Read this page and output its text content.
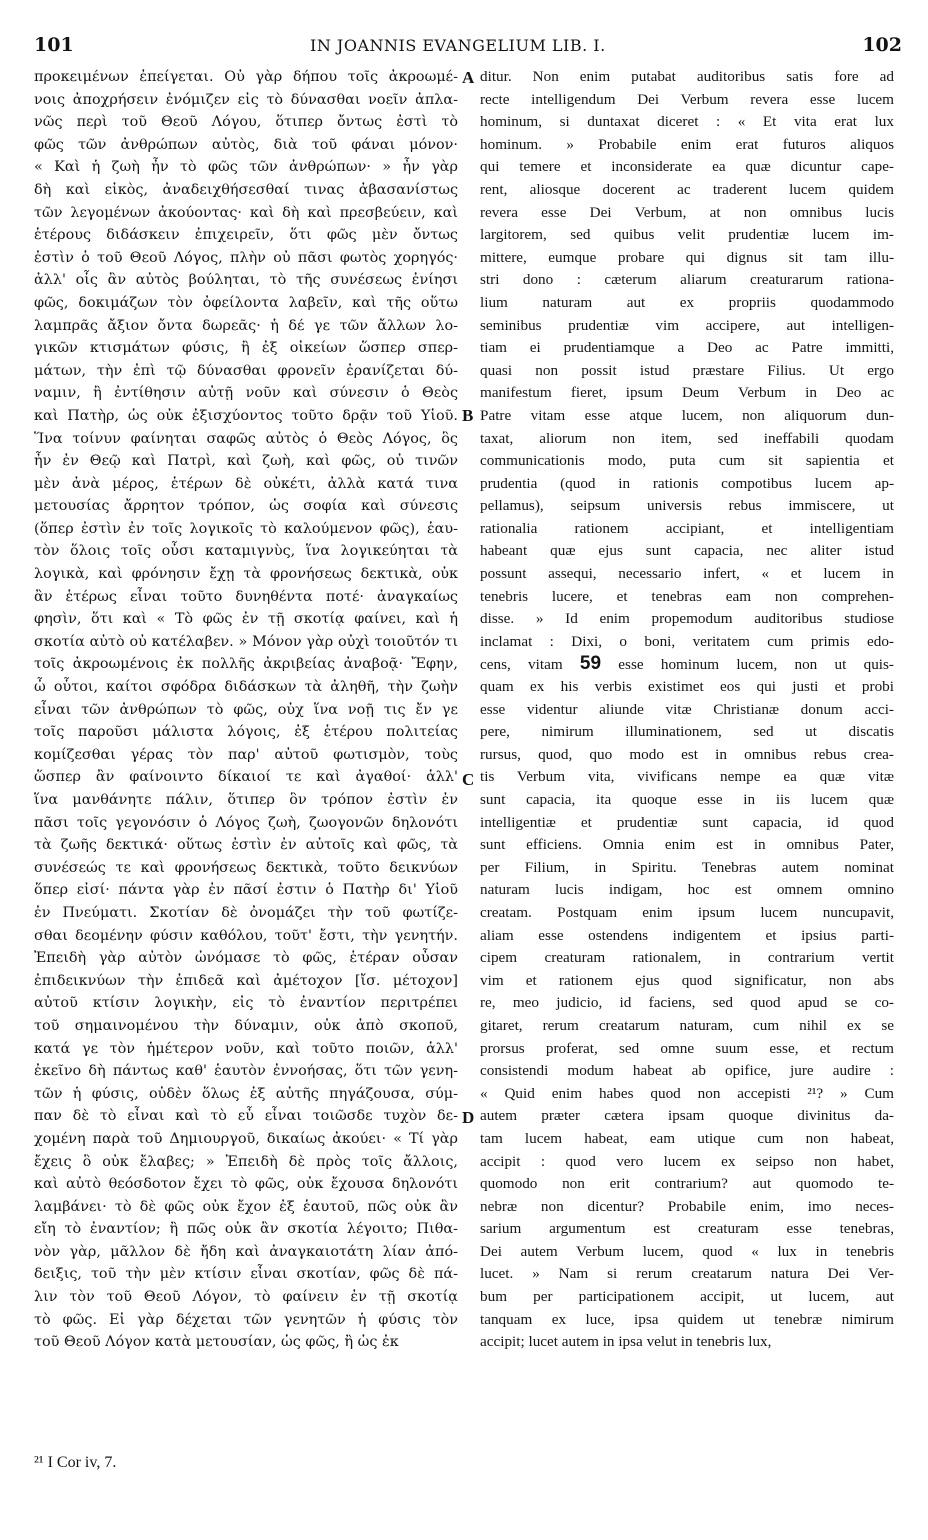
101	IN JOANNIS EVANGELIUM LIB. I.	102
προκειμένων ἐπείγεται. Οὐ γὰρ δήπου τοῖς ἀκροωμέ-
νοις ἀποχρήσειν ἐνόμιζεν εἰς τὸ δύνασθαι νοεῖν ἀπλα-
νῶς περὶ τοῦ Θεοῦ Λόγου, ὅτιπερ ὄντως ἐστὶ τὸ
φῶς τῶν ἀνθρώπων αὐτὸς, διὰ τοῦ φάναι μόνον·
« Καὶ ἡ ζωὴ ἦν τὸ φῶς τῶν ἀνθρώπων· » ἦν γὰρ
δὴ καὶ εἰκὸς, ἀναδειχθήσεσθαί τινας ἀβασανίστως
τῶν λεγομένων ἀκούοντας· καὶ δὴ καὶ πρεσβεύειν, καὶ
ἑτέρους διδάσκειν ἐπιχειρεῖν, ὅτι φῶς μὲν ὄντως
ἐστὶν ὁ τοῦ Θεοῦ Λόγος, πλὴν οὐ πᾶσι φωτὸς χορηγός·
ἀλλ' οἷς ἂν αὐτὸς βούληται, τὸ τῆς συνέσεως ἐνίησι
φῶς, δοκιμάζων τὸν ὀφείλοντα λαβεῖν, καὶ τῆς οὕτω
λαμπρᾶς ἄξιον ὄντα δωρεᾶς· ἡ δέ γε τῶν ἄλλων λο-
γικῶν κτισμάτων φύσις, ἢ ἐξ οἰκείων ὥσπερ σπερ-
μάτων, τὴν ἐπὶ τῷ δύνασθαι φρονεῖν ἐρανίζεται δύ-
ναμιν, ἢ ἐντίθησιν αὐτῇ νοῦν καὶ σύνεσιν ὁ Θεὸς
καὶ Πατὴρ, ὡς οὐκ ἐξισχύοντος τοῦτο δρᾷν τοῦ Υἱοῦ.
Ἵνα τοίνυν φαίνηται σαφῶς αὐτὸς ὁ Θεὸς Λόγος, ὃς
ἦν ἐν Θεῷ καὶ Πατρὶ, καὶ ζωὴ, καὶ φῶς, οὐ τινῶν
μὲν ἀνὰ μέρος, ἑτέρων δὲ οὐκέτι, ἀλλὰ κατά τινα
μετουσίας ἄρρητον τρόπον, ὡς σοφία καὶ σύνεσις
(ὅπερ ἐστὶν ἐν τοῖς λογικοῖς τὸ καλούμενον φῶς), ἑαυ-
τὸν ὅλοις τοῖς οὖσι καταμιγνὺς, ἵνα λογικεύηται τὰ
λογικὰ, καὶ φρόνησιν ἔχῃ τὰ φρονήσεως δεκτικὰ, οὐκ
ἂν ἑτέρως εἶναι τοῦτο δυνηθέντα ποτέ· ἀναγκαίως
φησὶν, ὅτι καὶ « Τὸ φῶς ἐν τῇ σκοτίᾳ φαίνει, καὶ ἡ
σκοτία αὐτὸ οὐ κατέλαβεν. » Μόνον γὰρ οὐχὶ τοιοῦτόν τι
τοῖς ἀκροωμένοις ἐκ πολλῆς ἀκριβείας ἀναβοᾷ· Ἔφην,
ὦ οὗτοι, καίτοι σφόδρα διδάσκων τὰ ἀληθῆ, τὴν ζωὴν
εἶναι τῶν ἀνθρώπων τὸ φῶς, οὐχ ἵνα νοῇ τις ἔν γε
τοῖς παροῦσι μάλιστα λόγοις, ἐξ ἑτέρου πολιτείας
κομίζεσθαι γέρας τὸν παρ' αὐτοῦ φωτισμὸν, τοὺς
ὥσπερ ἂν φαίνοιντο δίκαιοί τε καὶ ἀγαθοί· ἀλλ'
ἵνα μανθάνητε πάλιν, ὅτιπερ ὃν τρόπον ἐστὶν ἐν
πᾶσι τοῖς γεγονόσιν ὁ Λόγος ζωὴ, ζωογονῶν δηλονότι
τὰ ζωῆς δεκτικά· οὕτως ἐστὶν ἐν αὐτοῖς καὶ φῶς, τὰ
συνέσεώς τε καὶ φρονήσεως δεκτικὰ, τοῦτο δεικνύων
ὅπερ εἰσί· πάντα γὰρ ἐν πᾶσί ἐστιν ὁ Πατὴρ δι' Υἱοῦ
ἐν Πνεύματι. Σκοτίαν δὲ ὀνομάζει τὴν τοῦ φωτίζε-
σθαι δεομένην φύσιν καθόλου, τοῦτ' ἔστι, τὴν γενητήν.
Ἐπειδὴ γὰρ αὐτὸν ὠνόμασε τὸ φῶς, ἑτέραν οὖσαν
ἐπιδεικνύων τὴν ἐπιδεᾶ καὶ ἀμέτοχον [ἴσ. μέτοχον]
αὐτοῦ κτίσιν λογικὴν, εἰς τὸ ἐναντίον περιτρέπει
τοῦ σημαινομένου τὴν δύναμιν, οὐκ ἀπὸ σκοποῦ,
κατά γε τὸν ἡμέτερον νοῦν, καὶ τοῦτο ποιῶν, ἀλλ'
ἐκεῖνο δὴ πάντως καθ' ἑαυτὸν ἐννοήσας, ὅτι τῶν γενη-
τῶν ἡ φύσις, οὐδὲν ὅλως ἐξ αὐτῆς πηγάζουσα, σύμ-
παν δὲ τὸ εἶναι καὶ τὸ εὖ εἶναι τοιῶσδε τυχὸν δε-
χομένη παρὰ τοῦ Δημιουργοῦ, δικαίως ἀκούει· « Τί γὰρ
ἔχεις ὃ οὐκ ἔλαβες; » Ἐπειδὴ δὲ πρὸς τοῖς ἄλλοις,
καὶ αὐτὸ θεόσδοτον ἔχει τὸ φῶς, οὐκ ἔχουσα δηλονότι
λαμβάνει· τὸ δὲ φῶς οὐκ ἔχον ἐξ ἑαυτοῦ, πῶς οὐκ ἂν
εἴη τὸ ἐναντίον; ἢ πῶς οὐκ ἂν σκοτία λέγοιτο; Πιθα-
νὸν γὰρ, μᾶλλον δὲ ἤδη καὶ ἀναγκαιοτάτη λίαν ἀπό-
δειξις, τοῦ τὴν μὲν κτίσιν εἶναι σκοτίαν, φῶς δὲ πά-
λιν τὸν τοῦ Θεοῦ Λόγον, τὸ φαίνειν ἐν τῇ σκοτίᾳ
τὸ φῶς. Εἰ γὰρ δέχεται τῶν γενητῶν ἡ φύσις τὸν
τοῦ Θεοῦ Λόγον κατὰ μετουσίαν, ὡς φῶς, ἢ ὡς ἐκ
ditur. Non enim putabat auditoribus satis fore ad
recte intelligendum Dei Verbum revera esse lucem
hominum, si duntaxat diceret : « Et vita erat lux
hominum. » Probabile enim erat futuros aliquos
qui temere et inconsiderate ea quæ dicuntur cape-
rent, aliosque docerent ac traderent lucem quidem
revera esse Dei Verbum, at non omnibus lucis
largitorem, sed quibus velit prudentiæ lucem im-
mittere, eumque probare qui dignus sit tam illu-
stri dono : cæterum aliarum creaturarum rationa-
lium naturam aut ex propriis quodammodo
seminibus prudentiæ vim accipere, aut intelligen-
tiam ei prudentiamque a Deo ac Patre immitti,
quasi non possit istud præstare Filius. Ut ergo
manifestum fieret, ipsum Deum Verbum in Deo ac
Patre vitam esse atque lucem, non aliquorum dun-
taxat, aliorum non item, sed ineffabili quodam
communicationis modo, puta cum sit sapientia et
prudentia (quod in rationis compotibus lucem ap-
pellamus), seipsum universis rebus immiscere, ut
rationalia rationem accipiant, et intelligentiam
habeant quæ ejus sunt capacia, nec aliter istud
possunt assequi, necessario infert, « et lucem in
tenebris lucere, et tenebras eam non comprehen-
disse. » Id enim propemodum auditoribus studiose
inclamat : Dixi, o boni, veritatem cum primis edo-
cens, vitam 59 esse hominum lucem, non ut quis-
quam ex his verbis existimet eos qui justi et probi
esse videntur aliunde vitæ Christianæ donum acci-
pere, nimirum illuminationem, sed ut discatis
rursus, quod, quo modo est in omnibus rebus crea-
tis Verbum vita, vivificans nempe ea quæ vitæ
sunt capacia, ita quoque esse in iis lucem quæ
intelligentiæ et prudentiæ sunt capacia, id quod
sunt efficiens. Omnia enim est in omnibus Pater,
per Filium, in Spiritu. Tenebras autem nominat
naturam lucis indigam, hoc est omnem omnino
creatam. Postquam enim ipsum lucem nuncupavit,
aliam esse ostendens indigentem et ipsius parti-
cipem creaturam rationalem, in contrarium vertit
vim et rationem ejus quod significatur, non abs
re, meo judicio, id faciens, sed quod apud se co-
gitaret, rerum creatarum naturam, cum nihil ex se
prorsus proferat, sed omne suum esse, et rectum
consistendi modum habeat ab opifice, jure audire :
« Quid enim habes quod non accepisti ²¹? » Cum
autem præter cætera ipsam quoque divinitus da-
tam lucem habeat, eam utique cum non habeat,
accipit : quod vero lucem ex seipso non habet,
quomodo non erit contrarium? aut quomodo te-
nebræ non dicentur? Probabile enim, imo neces-
sarium argumentum est creaturam esse tenebras,
Dei autem Verbum lucem, quod « lux in tenebris
lucet. » Nam si rerum creatarum natura Dei Ver-
bum per participationem accipit, ut lucem, aut
tanquam ex luce, ipsa quidem ut tenebræ nimirum
accipit; lucet autem in ipsa velut in tenebris lux,
A
B
C
D
²¹ I Cor iv, 7.
